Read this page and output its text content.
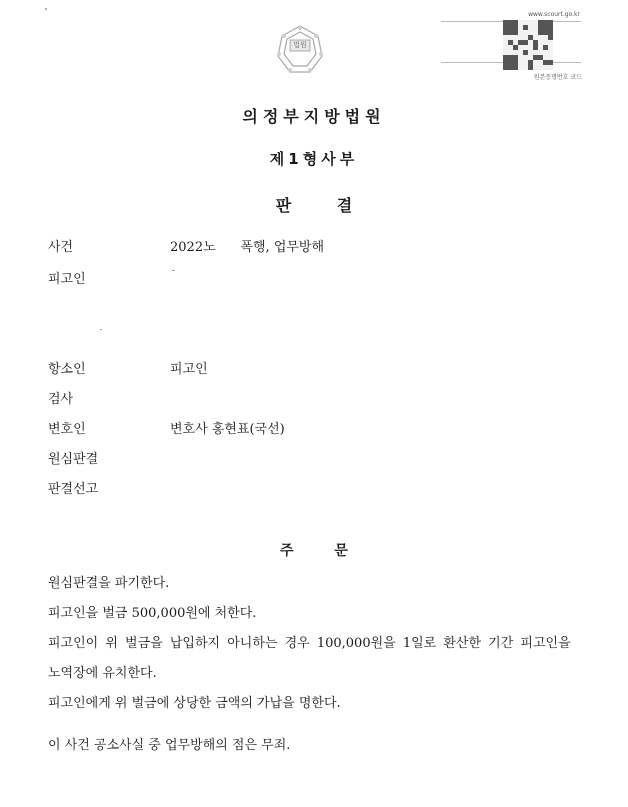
법원
www.scourt.go.kr
원본증명번호 코드
의정부지방법원
제1형사부
판 결
사건	2022노      폭행, 업무방해
피고인
항소인	피고인
검사
변호인	변호사 홍현표(국선)
원심판결
판결선고
주 문
원심판결을 파기한다.
피고인을 벌금 500,000원에 처한다.
피고인이 위 벌금을 납입하지 아니하는 경우 100,000원을 1일로 환산한 기간 피고인을
노역장에 유치한다.
피고인에게 위 벌금에 상당한 금액의 가납을 명한다.
이 사건 공소사실 중 업무방해의 점은 무죄.
